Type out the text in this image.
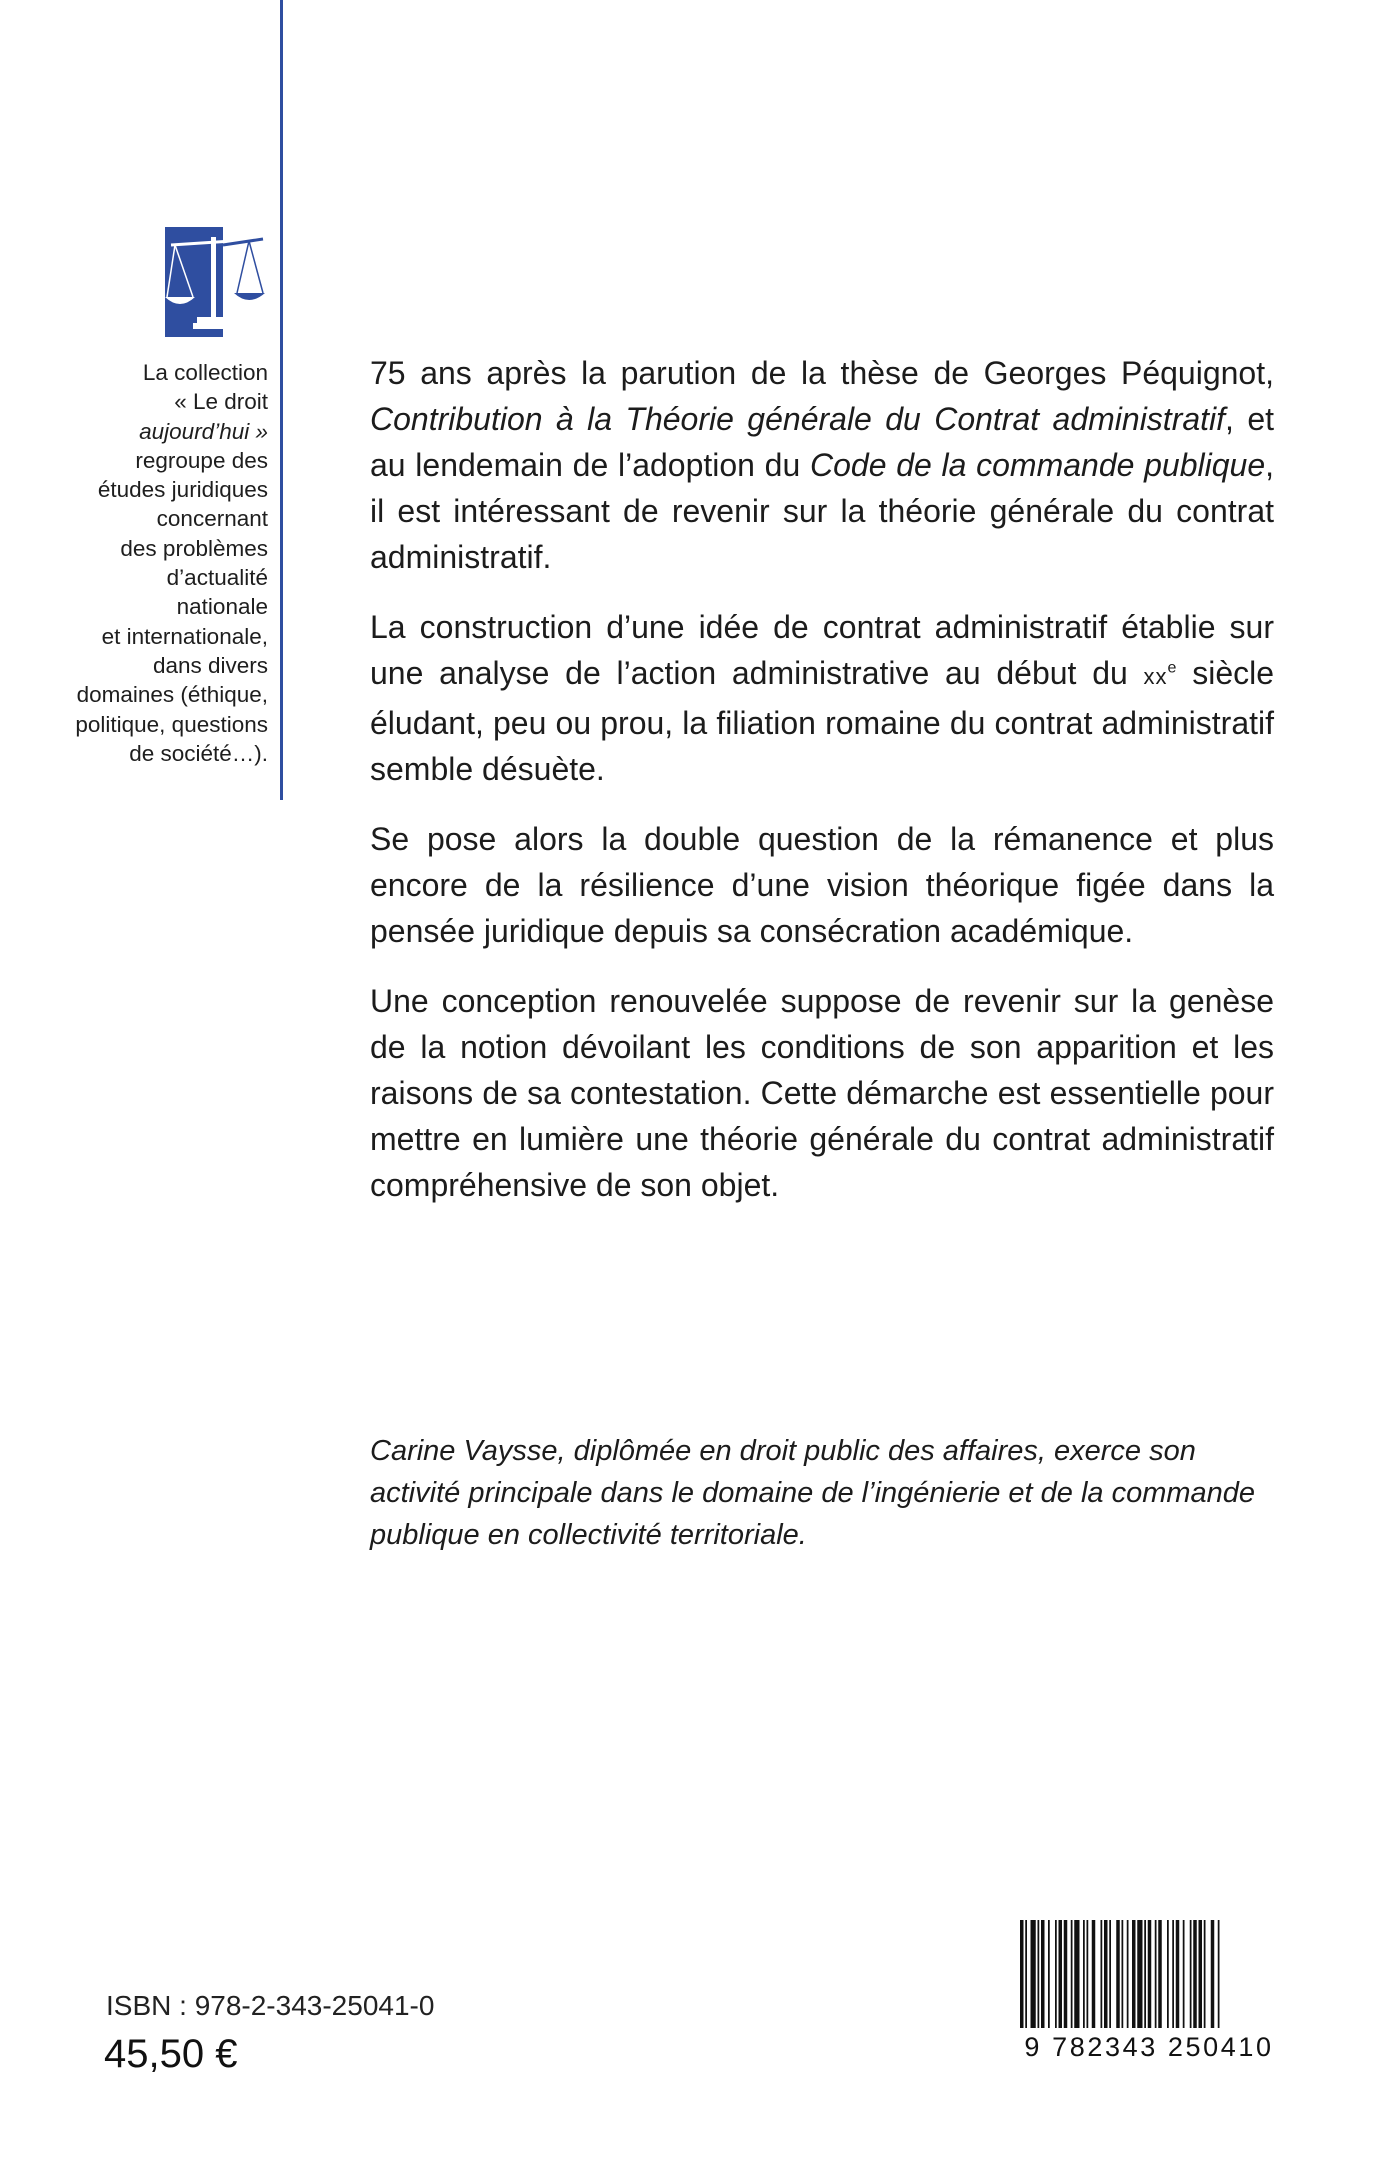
La collection
« Le droit
aujourd’hui »
regroupe des
études juridiques
concernant
des problèmes
d’actualité
nationale
et internationale,
dans divers
domaines (éthique,
politique, questions
de société…).

75 ans après la parution de la thèse de Georges Péquignot, Contribution à la Théorie générale du Contrat administratif, et au lendemain de l’adoption du Code de la commande publique, il est intéressant de revenir sur la théorie générale du contrat administratif.

La construction d’une idée de contrat administratif établie sur une analyse de l’action administrative au début du $xx^e$ siècle éludant, peu ou prou, la filiation romaine du contrat administratif semble désuète.

Se pose alors la double question de la rémanence et plus encore de la résilience d’une vision théorique figée dans la pensée juridique depuis sa consécration académique.

Une conception renouvelée suppose de revenir sur la genèse de la notion dévoilant les conditions de son apparition et les raisons de sa contestation. Cette démarche est essentielle pour mettre en lumière une théorie générale du contrat administratif compréhensive de son objet.

Carine Vaysse, diplômée en droit public des affaires, exerce son activité principale dans le domaine de l’ingénierie et de la commande publique en collectivité territoriale.
ISBN : 978-2-343-25041-0
45,50 €	9 782343 250410
